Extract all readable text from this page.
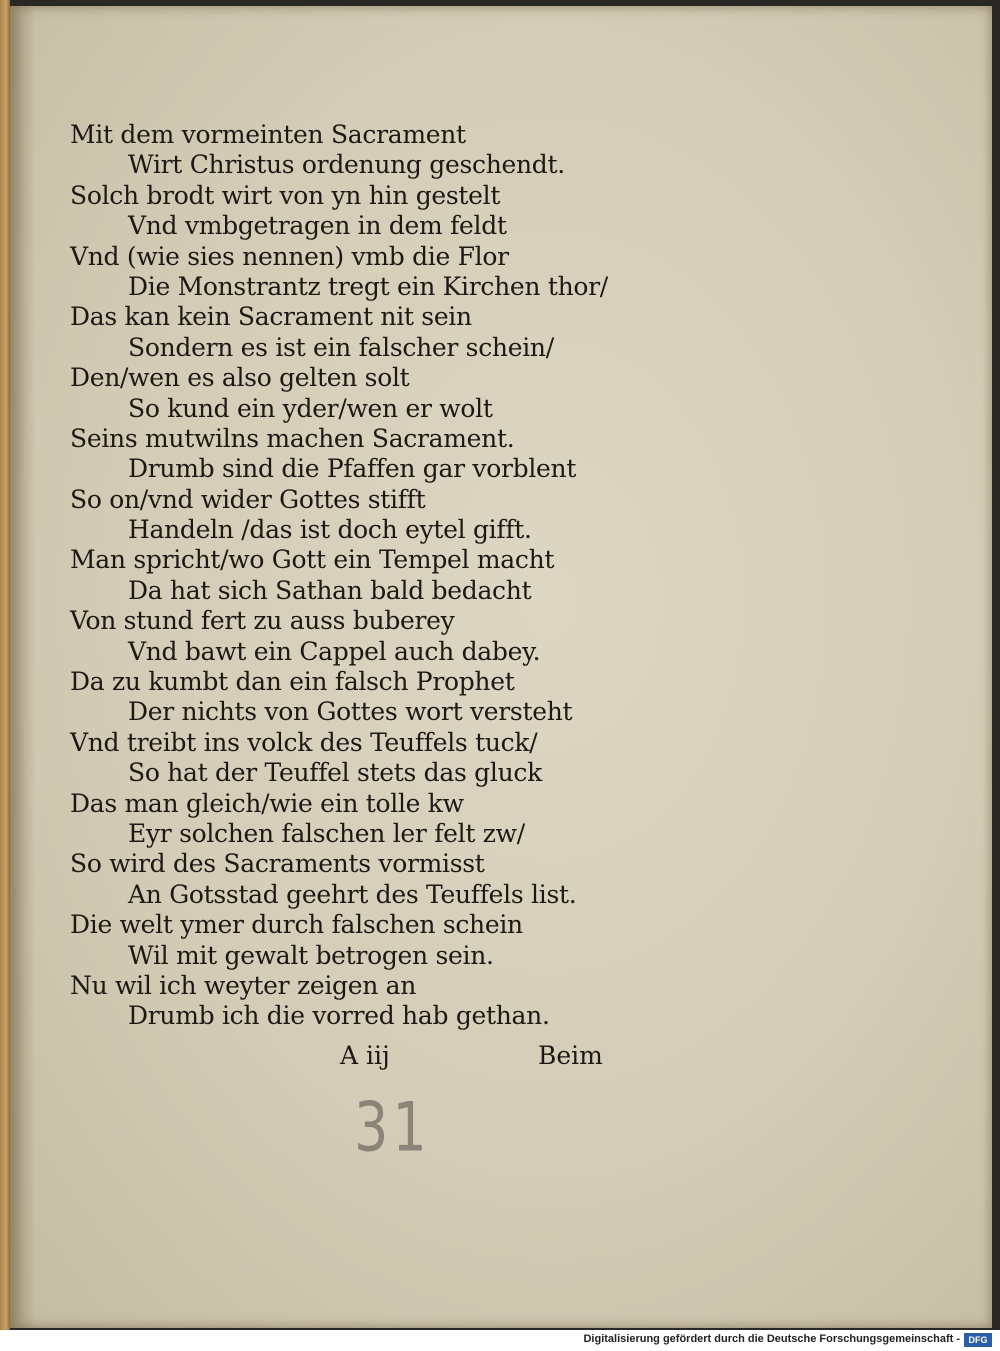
Mit dem vormeinten Sacrament
Wirt Christus ordenung geschendt.
Solch brodt wirt von yn hin gestelt
Vnd vmbgetragen in dem feldt
Vnd (wie sies nennen) vmb die Flor
Die Monstrantz tregt ein Kirchen thor/
Das kan kein Sacrament nit sein
Sondern es ist ein falscher schein/
Den/wen es also gelten solt
So kund ein yder/wen er wolt
Seins mutwilns machen Sacrament.
Drumb sind die Pfaffen gar vorblent
So on/vnd wider Gottes stifft
Handeln /das ist doch eytel gifft.
Man spricht/wo Gott ein Tempel macht
Da hat sich Sathan bald bedacht
Von stund fert zu auss buberey
Vnd bawt ein Cappel auch dabey.
Da zu kumbt dan ein falsch Prophet
Der nichts von Gottes wort versteht
Vnd treibt ins volck des Teuffels tuck/
So hat der Teuffel stets das gluck
Das man gleich/wie ein tolle kw
Eyr solchen falschen ler felt zw/
So wird des Sacraments vormisst
An Gotsstad geehrt des Teuffels list.
Die welt ymer durch falschen schein
Wil mit gewalt betrogen sein.
Nu wil ich weyter zeigen an
Drumb ich die vorred hab gethan.
A iij	Beim
31
Digitalisierung gefördert durch die Deutsche Forschungsgemeinschaft - DFG
